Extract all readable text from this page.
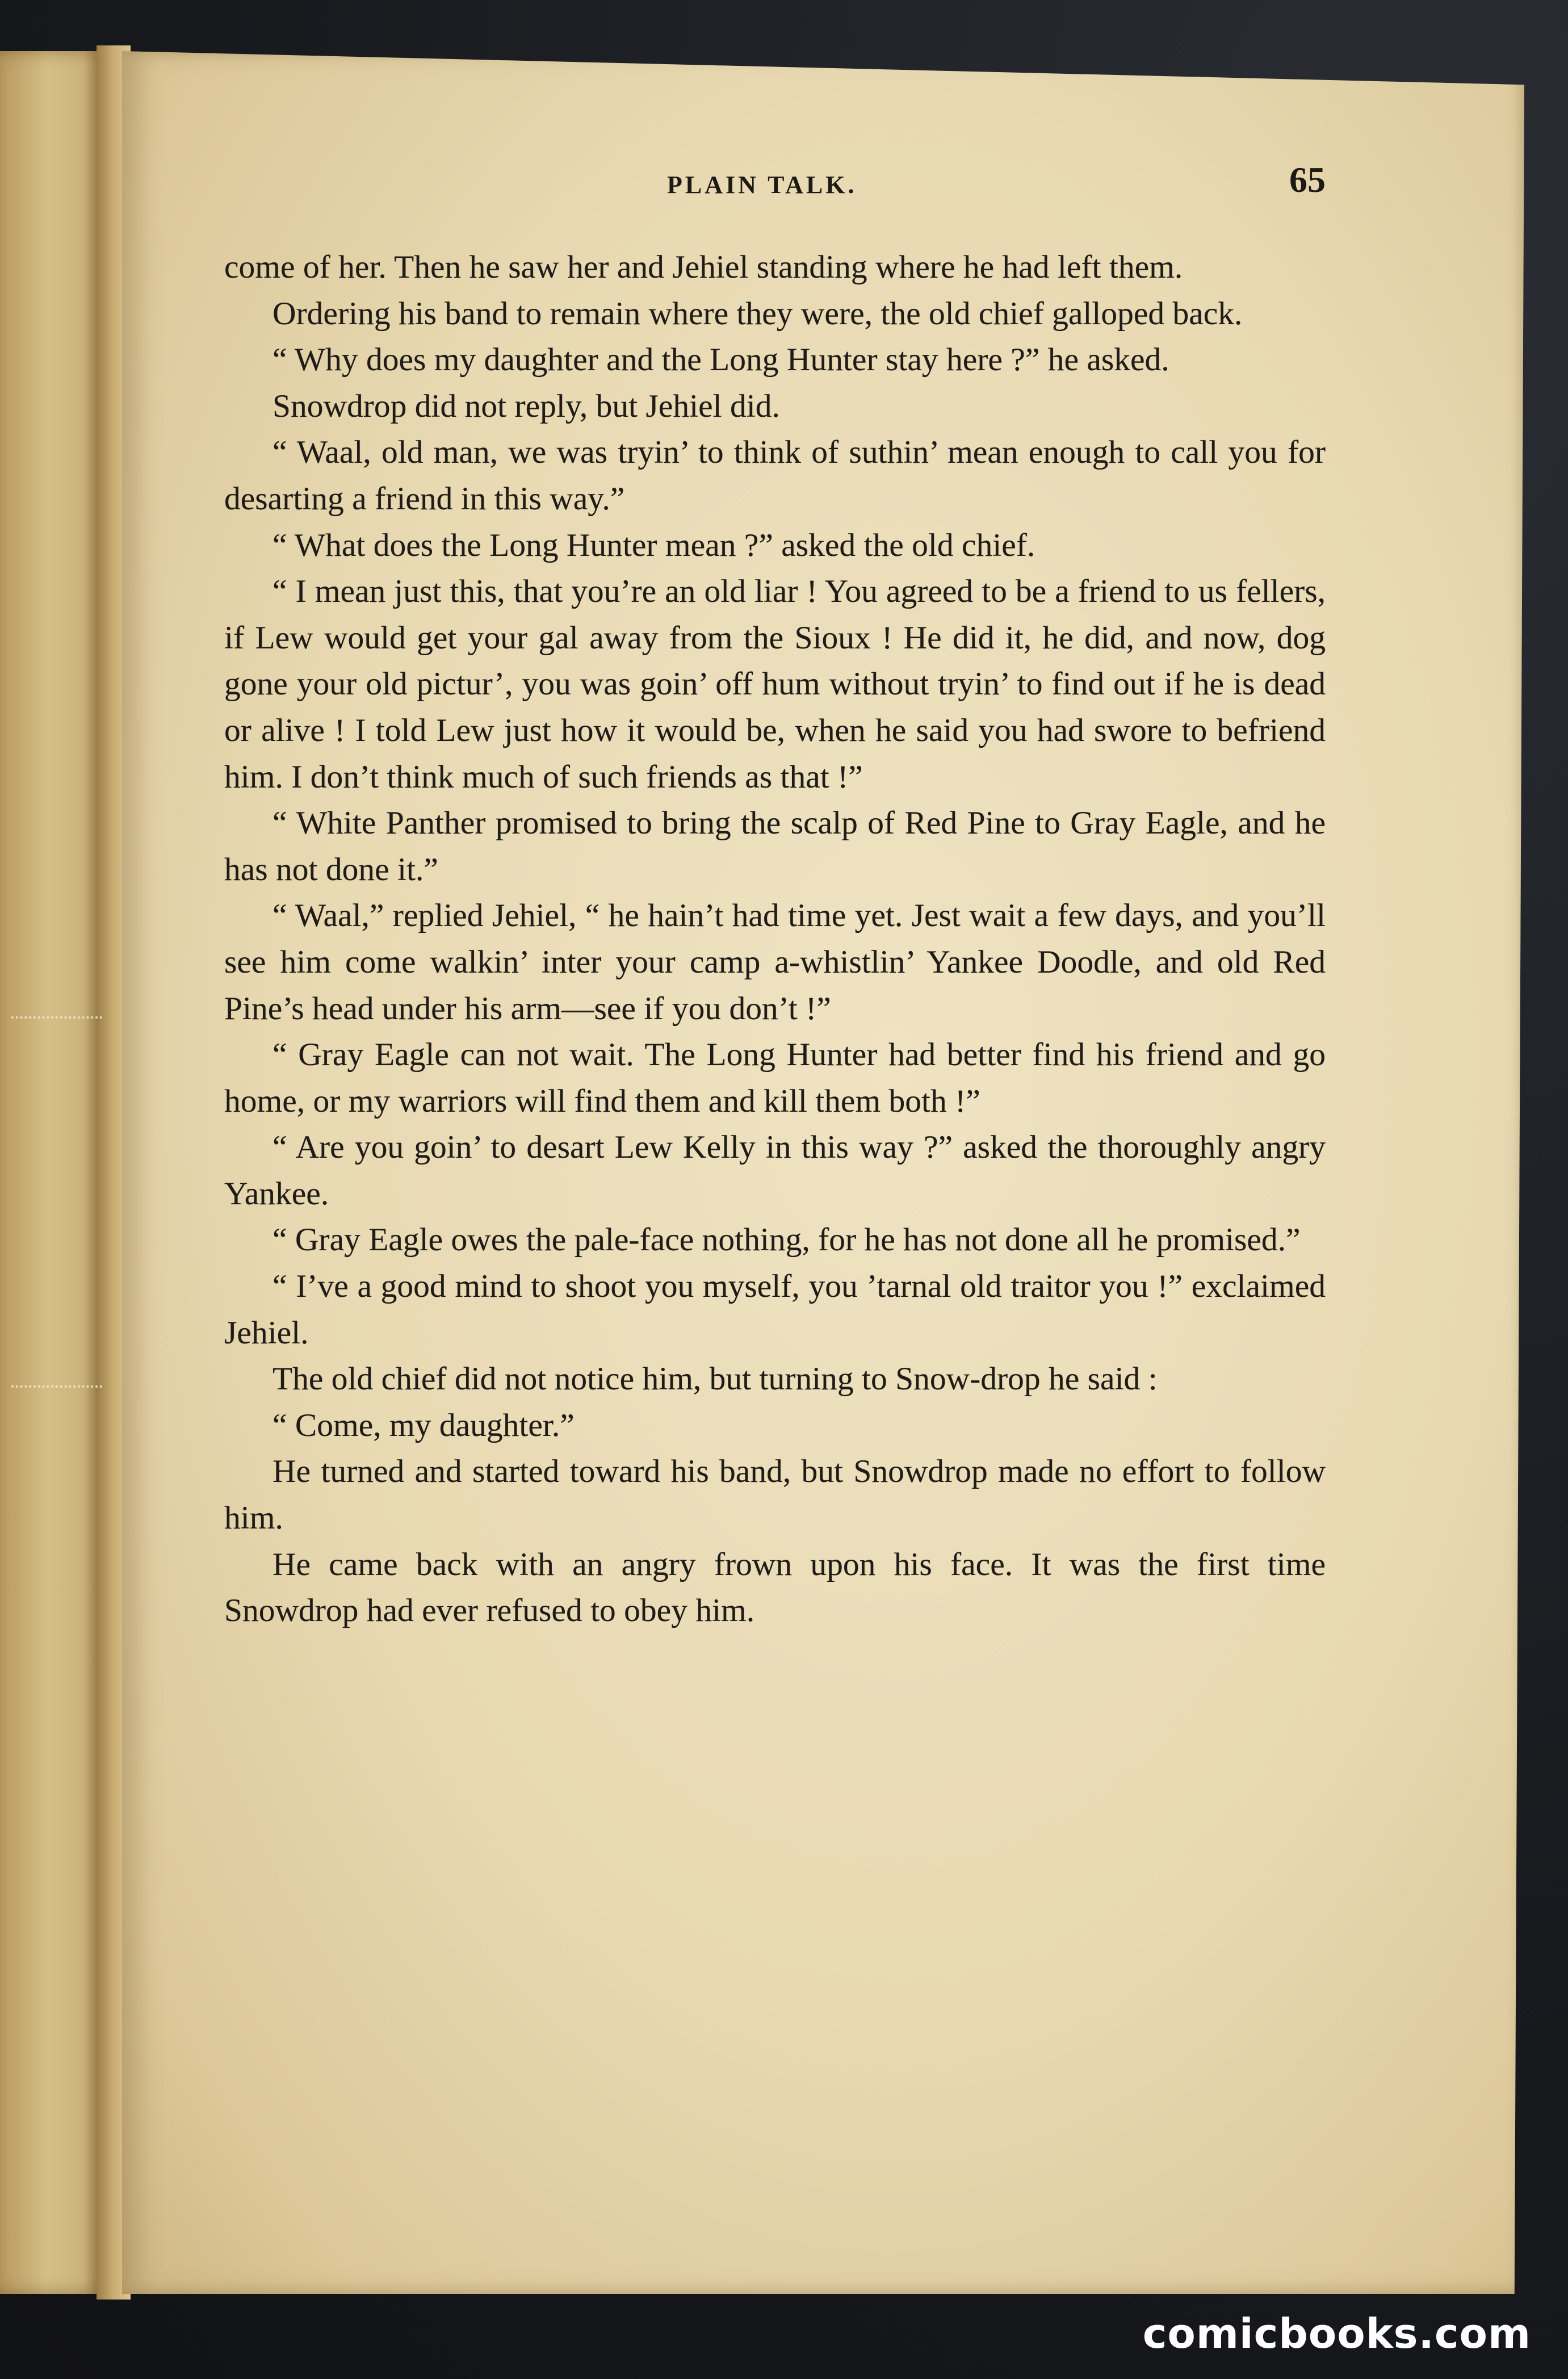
PLAIN TALK.	65

come of her. Then he saw her and Jehiel standing where he had left them.

Ordering his band to remain where they were, the old chief galloped back.

“ Why does my daughter and the Long Hunter stay here ?” he asked.

Snowdrop did not reply, but Jehiel did.

“ Waal, old man, we was tryin’ to think of suthin’ mean enough to call you for desarting a friend in this way.”

“ What does the Long Hunter mean ?” asked the old chief.

“ I mean just this, that you’re an old liar ! You agreed to be a friend to us fellers, if Lew would get your gal away from the Sioux ! He did it, he did, and now, dog gone your old pictur’, you was goin’ off hum without tryin’ to find out if he is dead or alive ! I told Lew just how it would be, when he said you had swore to befriend him. I don’t think much of such friends as that !”

“ White Panther promised to bring the scalp of Red Pine to Gray Eagle, and he has not done it.”

“ Waal,” replied Jehiel, “ he hain’t had time yet. Jest wait a few days, and you’ll see him come walkin’ inter your camp a-whistlin’ Yankee Doodle, and old Red Pine’s head under his arm—see if you don’t !”

“ Gray Eagle can not wait. The Long Hunter had better find his friend and go home, or my warriors will find them and kill them both !”

“ Are you goin’ to desart Lew Kelly in this way ?” asked the thoroughly angry Yankee.

“ Gray Eagle owes the pale-face nothing, for he has not done all he promised.”

“ I’ve a good mind to shoot you myself, you ’tarnal old traitor you !” exclaimed Jehiel.

The old chief did not notice him, but turning to Snow-drop he said :

“ Come, my daughter.”

He turned and started toward his band, but Snowdrop made no effort to follow him.

He came back with an angry frown upon his face. It was the first time Snowdrop had ever refused to obey him.

comicbooks.com
